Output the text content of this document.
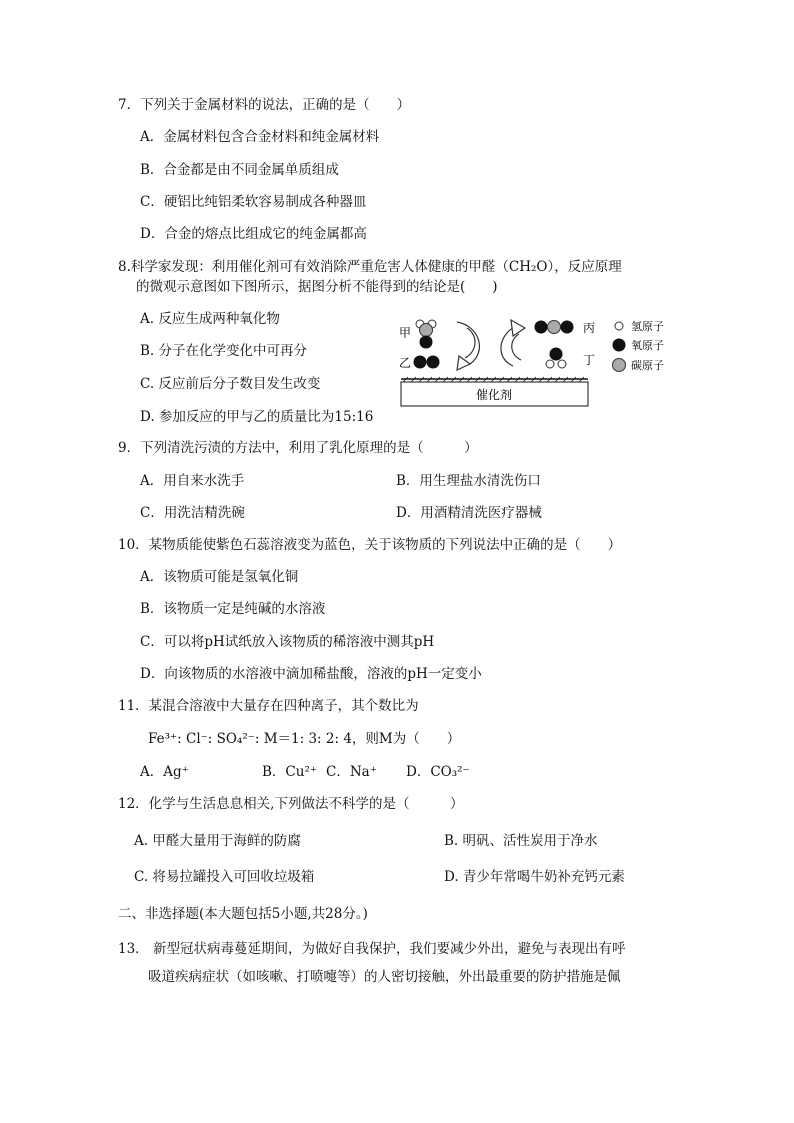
7．下列关于金属材料的说法，正确的是（　　）
A．金属材料包含合金材料和纯金属材料
B．合金都是由不同金属单质组成
C．硬铝比纯铝柔软容易制成各种器皿
D．合金的熔点比组成它的纯金属都高
8.科学家发现：利用催化剂可有效消除严重危害人体健康的甲醛（CH₂O），反应原理
的微观示意图如下图所示，据图分析不能得到的结论是(　　)
A. 反应生成两种氧化物
B. 分子在化学变化中可再分
C. 反应前后分子数目发生改变
D. 参加反应的甲与乙的质量比为15:16
甲
乙
丙
丁
氢原子
氧原子
碳原子
催化剂
9．下列清洗污渍的方法中，利用了乳化原理的是（　　　）
A．用自来水洗手	B．用生理盐水清洗伤口
C．用洗洁精洗碗	D．用酒精清洗医疗器械
10．某物质能使紫色石蕊溶液变为蓝色，关于该物质的下列说法中正确的是（　　）
A．该物质可能是氢氧化铜
B．该物质一定是纯碱的水溶液
C．可以将pH试纸放入该物质的稀溶液中测其pH
D．向该物质的水溶液中滴加稀盐酸，溶液的pH一定变小
11．某混合溶液中大量存在四种离子，其个数比为
Fe³⁺: Cl⁻: SO₄²⁻: M＝1: 3: 2: 4，则M为（　　）
A．Ag⁺	B．Cu²⁺ C．Na⁺ D．CO₃²⁻
12．化学与生活息息相关,下列做法不科学的是（　　　）
A. 甲醛大量用于海鲜的防腐	B. 明矾、活性炭用于净水
C. 将易拉罐投入可回收垃圾箱	D. 青少年常喝牛奶补充钙元素
二、非选择题(本大题包括5小题,共28分。)
13． 新型冠状病毒蔓延期间，为做好自我保护，我们要减少外出，避免与表现出有呼
吸道疾病症状（如咳嗽、打喷嚏等）的人密切接触，外出最重要的防护措施是佩
